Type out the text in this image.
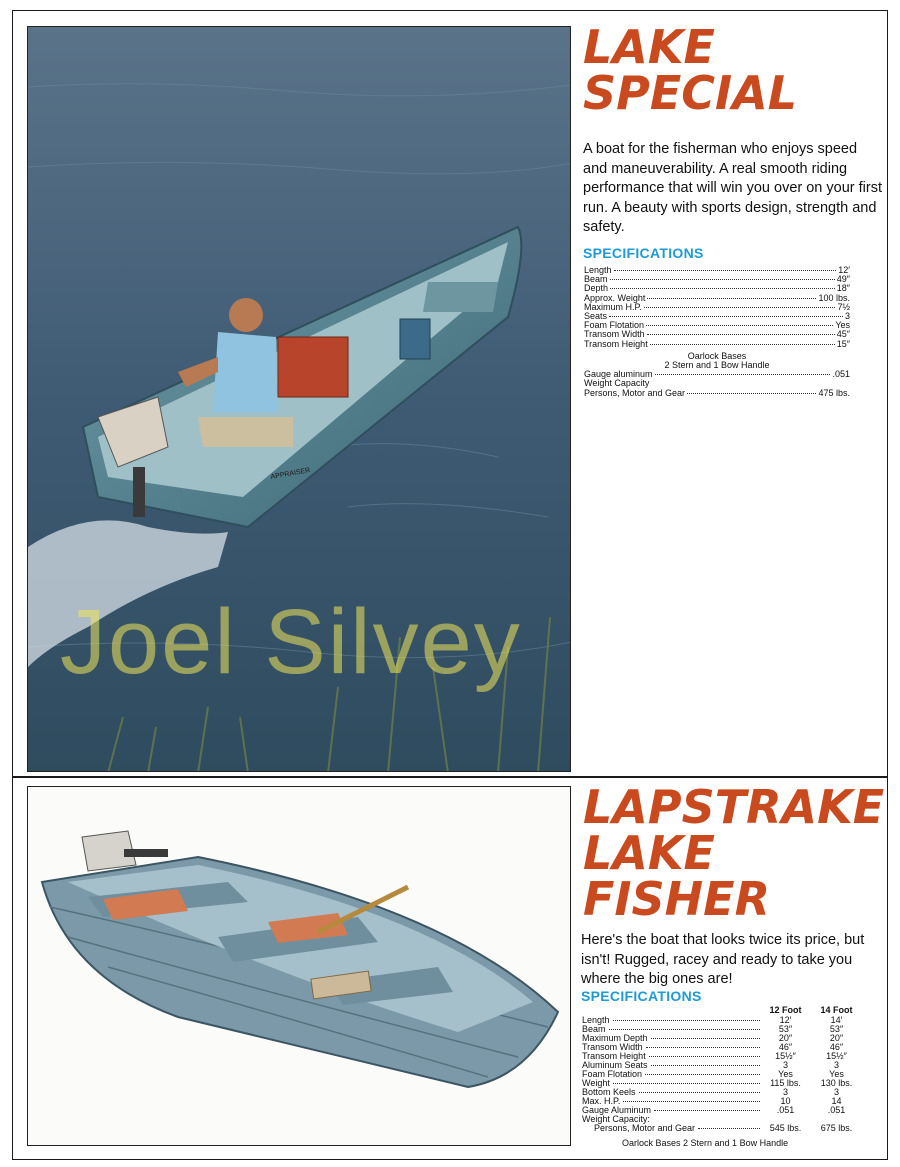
APPRAISER
LAKE
SPECIAL

A boat for the fisherman who enjoys speed and maneuverability. A real smooth riding performance that will win you over on your first run. A beauty with sports design, strength and safety.

SPECIFICATIONS
Length	12′
Beam	49″
Depth	18″
Approx. Weight	100 lbs.
Maximum H.P.	7½
Seats	3
Foam Flotation	Yes
Transom Width	45″
Transom Height	15″
Oarlock Bases
2 Stern and 1 Bow Handle
Gauge aluminum	.051
Weight Capacity
Persons, Motor and Gear	475 lbs.
LAPSTRAKE
LAKE
FISHER

Here's the boat that looks twice its price, but isn't! Rugged, racey and ready to take you where the big ones are!

SPECIFICATIONS
	12 Foot	14 Foot

Length	12′	14′

Beam	53″	53″

Maximum Depth	20″	20″

Transom Width	46″	46″

Transom Height	15½″	15½″

Aluminum Seats	3	3

Foam Flotation	Yes	Yes

Weight	115 lbs.	130 lbs.

Bottom Keels	3	3

Max. H.P.	10	14

Gauge Aluminum	.051	.051

Weight Capacity:		

Persons, Motor and Gear	545 lbs.	675 lbs.
Oarlock Bases 2 Stern and 1 Bow Handle
Joel Silvey
